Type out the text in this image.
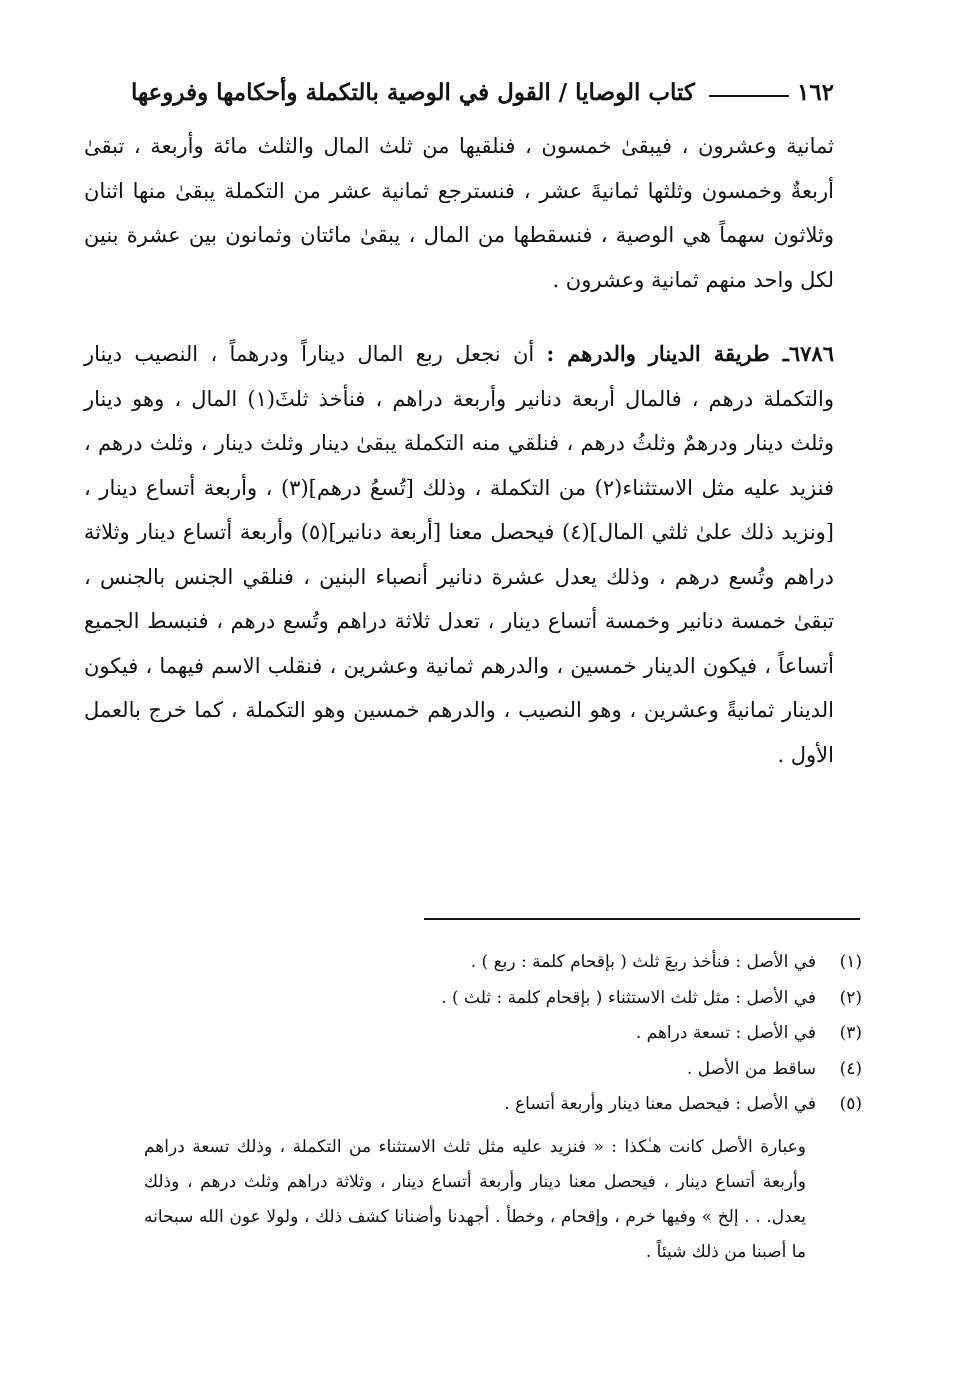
١٦٢
كتاب الوصايا / القول في الوصية بالتكملة وأحكامها وفروعها

ثمانية وعشرون ، فيبقىٰ خمسون ، فنلقيها من ثلث المال والثلث مائة وأربعة ، تبقىٰ أربعةٌ وخمسون وثلثها ثمانيةَ عشر ، فنسترجع ثمانية عشر من التكملة يبقىٰ منها اثنان وثلاثون سهماً هي الوصية ، فنسقطها من المال ، يبقىٰ مائتان وثمانون بين عشرة بنين لكل واحد منهم ثمانية وعشرون .

٦٧٨٦ـ طريقة الدينار والدرهم : أن نجعل ربع المال ديناراً ودرهماً ، النصيب دينار والتكملة درهم ، فالمال أربعة دنانير وأربعة دراهم ، فنأخذ ثلثَ(١) المال ، وهو دينار وثلث دينار ودرهمٌ وثلثُ درهم ، فنلقي منه التكملة يبقىٰ دينار وثلث دينار ، وثلث درهم ، فنزيد عليه مثل الاستثناء(٢) من التكملة ، وذلك [تُسعُ درهم](٣) ، وأربعة أتساع دينار ، [ونزيد ذلك علىٰ ثلثي المال](٤) فيحصل معنا [أربعة دنانير](٥) وأربعة أتساع دينار وثلاثة دراهم وتُسع درهم ، وذلك يعدل عشرة دنانير أنصباء البنين ، فنلقي الجنس بالجنس ، تبقىٰ خمسة دنانير وخمسة أتساع دينار ، تعدل ثلاثة دراهم وتُسع درهم ، فنبسط الجميع أتساعاً ، فيكون الدينار خمسين ، والدرهم ثمانية وعشرين ، فنقلب الاسم فيهما ، فيكون الدينار ثمانيةً وعشرين ، وهو النصيب ، والدرهم خمسين وهو التكملة ، كما خرج بالعمل الأول .

(١)
في الأصل : فنأخذ ربعَ ثلث ( بإقحام كلمة : ربع ) .
(٢)
في الأصل : مثل ثلث الاستثناء ( بإقحام كلمة : ثلث ) .
(٣)
في الأصل : تسعة دراهم .
(٤)
ساقط من الأصل .
(٥)
في الأصل : فيحصل معنا دينار وأربعة أتساع .

وعبارة الأصل كانت هـٰكذا : « فنزيد عليه مثل ثلث الاستثناء من التكملة ، وذلك تسعة دراهم وأربعة أتساع دينار ، فيحصل معنا دينار وأربعة أتساع دينار ، وثلاثة دراهم وثلث درهم ، وذلك يعدل. . . إلخ » وفيها خرم ، وإقحام ، وخطأ . أجهدنا وأضنانا كشف ذلك ، ولولا عون الله سبحانه ما أصبنا من ذلك شيئاً .
